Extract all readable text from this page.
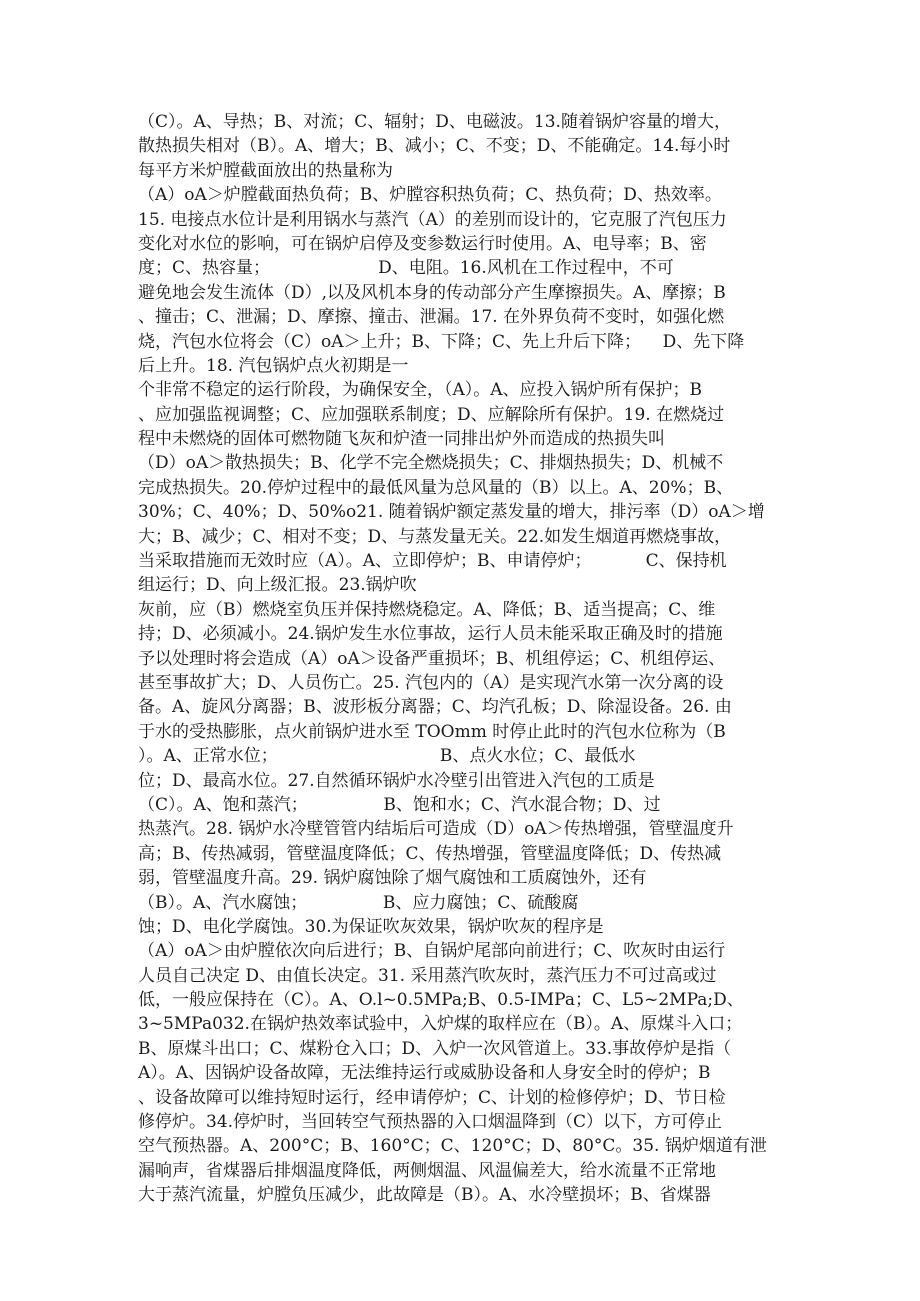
（C）。A、导热；B、对流；C、辐射；D、电磁波。13.随着锅炉容量的增大，
散热损失相对（B）。A、增大；B、减小；C、不变；D、不能确定。14.每小时
每平方米炉膛截面放出的热量称为
（A）oA＞炉膛截面热负荷；B、炉膛容积热负荷；C、热负荷；D、热效率。
15. 电接点水位计是利用锅水与蒸汽（A）的差别而设计的，它克服了汽包压力
变化对水位的影响，可在锅炉启停及变参数运行时使用。A、电导率；B、密
度；C、热容量；                    D、电阻。16.风机在工作过程中，不可
避免地会发生流体（D）,以及风机本身的传动部分产生摩擦损失。A、摩擦；B
、撞击；C、泄漏；D、摩擦、撞击、泄漏。17. 在外界负荷不变时，如强化燃
烧，汽包水位将会（C）oA＞上升；B、下降；C、先上升后下降；    D、先下降
后上升。18. 汽包锅炉点火初期是一
个非常不稳定的运行阶段，为确保安全，（A）。A、应投入锅炉所有保护；B
、应加强监视调整；C、应加强联系制度；D、应解除所有保护。19. 在燃烧过
程中未燃烧的固体可燃物随飞灰和炉渣一同排出炉外而造成的热损失叫
（D）oA＞散热损失；B、化学不完全燃烧损失；C、排烟热损失；D、机械不
完成热损失。20.停炉过程中的最低风量为总风量的（B）以上。A、20%；B、
30%；C、40%；D、50%o21. 随着锅炉额定蒸发量的增大，排污率（D）oA＞增
大；B、减少；C、相对不变；D、与蒸发量无关。22.如发生烟道再燃烧事故，
当采取措施而无效时应（A）。A、立即停炉；B、申请停炉；          C、保持机
组运行；D、向上级汇报。23.锅炉吹
灰前，应（B）燃烧室负压并保持燃烧稳定。A、降低；B、适当提高；C、维
持；D、必须减小。24.锅炉发生水位事故，运行人员未能采取正确及时的措施
予以处理时将会造成（A）oA＞设备严重损坏；B、机组停运；C、机组停运、
甚至事故扩大；D、人员伤亡。25. 汽包内的（A）是实现汽水第一次分离的设
备。A、旋风分离器；B、波形板分离器；C、均汽孔板；D、除湿设备。26. 由
于水的受热膨胀，点火前锅炉进水至 TOOmm 时停止此时的汽包水位称为（B
）。A、正常水位；                              B、点火水位；C、最低水
位；D、最高水位。27.自然循环锅炉水冷壁引出管进入汽包的工质是
（C）。A、饱和蒸汽；              B、饱和水；C、汽水混合物；D、过
热蒸汽。28. 锅炉水冷壁管管内结垢后可造成（D）oA＞传热增强，管壁温度升
高；B、传热减弱，管壁温度降低；C、传热增强，管壁温度降低；D、传热减
弱，管壁温度升高。29. 锅炉腐蚀除了烟气腐蚀和工质腐蚀外，还有
（B）。A、汽水腐蚀；              B、应力腐蚀；C、硫酸腐
蚀；D、电化学腐蚀。30.为保证吹灰效果，锅炉吹灰的程序是
（A）oA＞由炉膛依次向后进行；B、自锅炉尾部向前进行；C、吹灰时由运行
人员自己决定 D、由值长决定。31. 采用蒸汽吹灰时，蒸汽压力不可过高或过
低，一般应保持在（C）。A、O.l~0.5MPa;B、0.5-IMPa；C、L5~2MPa;D、
3~5MPa032.在锅炉热效率试验中，入炉煤的取样应在（B）。A、原煤斗入口；
B、原煤斗出口；C、煤粉仓入口；D、入炉一次风管道上。33.事故停炉是指（
A）。A、因锅炉设备故障，无法维持运行或威胁设备和人身安全时的停炉；B
、设备故障可以维持短时运行，经申请停炉；C、计划的检修停炉；D、节日检
修停炉。34.停炉时，当回转空气预热器的入口烟温降到（C）以下，方可停止
空气预热器。A、200°C；B、160°C；C、120°C；D、80°C。35. 锅炉烟道有泄
漏响声，省煤器后排烟温度降低，两侧烟温、风温偏差大，给水流量不正常地
大于蒸汽流量，炉膛负压减少，此故障是（B）。A、水冷壁损坏；B、省煤器
